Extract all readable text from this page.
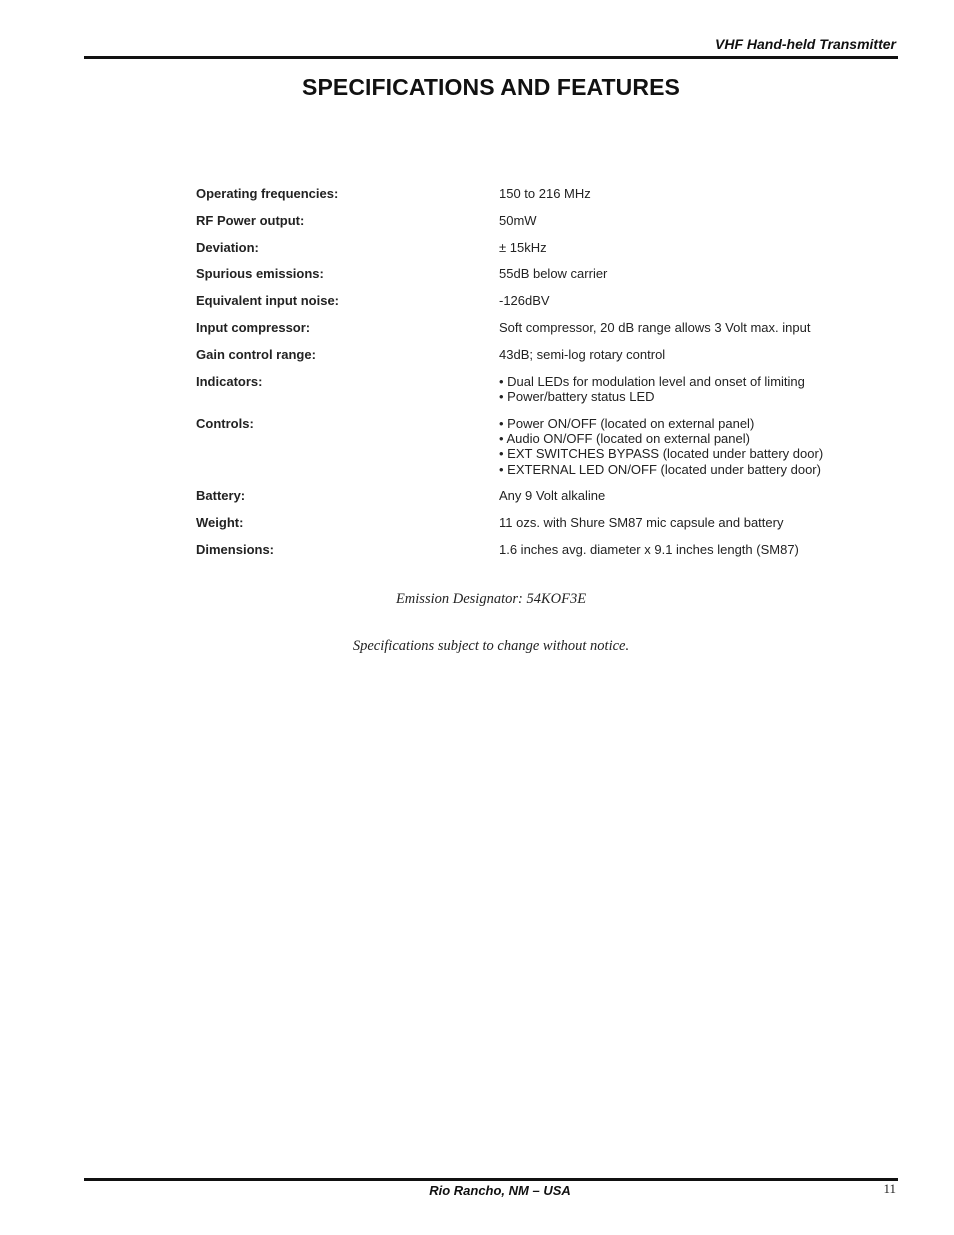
VHF Hand-held Transmitter
SPECIFICATIONS AND FEATURES
Operating frequencies:	150 to 216 MHz
RF Power output:	50mW
Deviation:	± 15kHz
Spurious emissions:	55dB below carrier
Equivalent input noise:	-126dBV
Input compressor:	Soft compressor, 20 dB range allows 3 Volt max. input
Gain control range:	43dB; semi-log rotary control
Indicators:	• Dual LEDs for modulation level and onset of limiting
• Power/battery status LED
Controls:	• Power ON/OFF (located on external panel)
• Audio ON/OFF (located on external panel)
• EXT SWITCHES BYPASS (located under battery door)
• EXTERNAL LED ON/OFF (located under battery door)
Battery:	Any 9 Volt alkaline
Weight:	11 ozs. with Shure SM87 mic capsule and battery
Dimensions:	1.6 inches avg. diameter x 9.1 inches length (SM87)
Emission Designator: 54KOF3E
Specifications subject to change without notice.
Rio Rancho, NM – USA	11
